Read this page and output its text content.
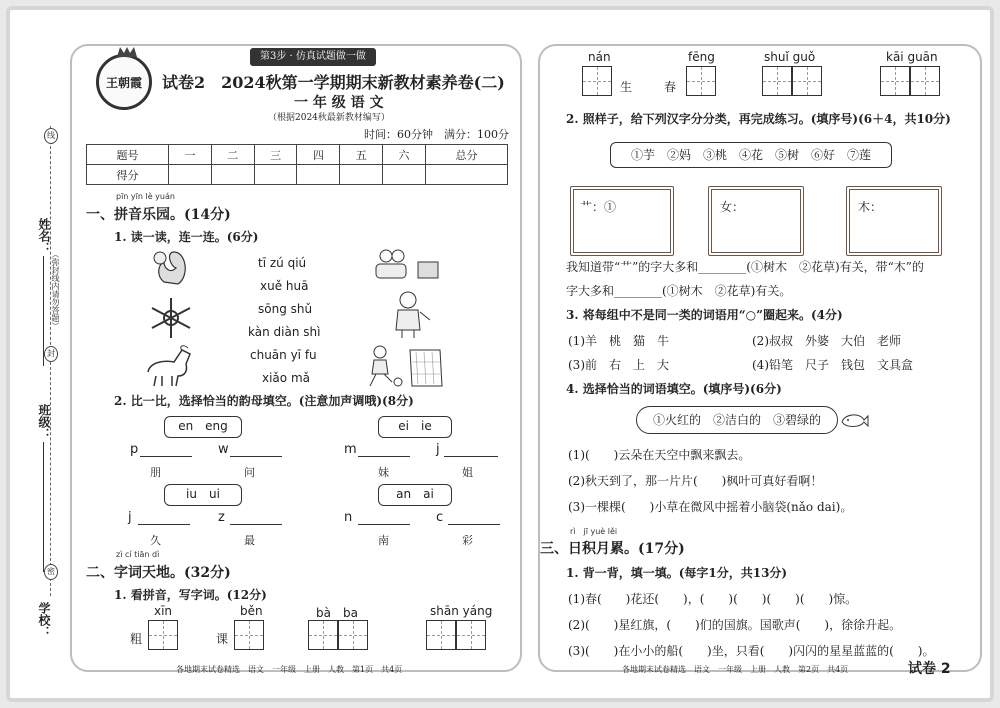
姓名：
班级：
学校：
线
封
密
（弥封线内请勿答题）
王朝霞
第3步 · 仿真试题做一做
试卷2　2024秋第一学期期末新教材素养卷(二)
一 年 级 语 文
（根据2024秋最新教材编写）
时间：60分钟　满分：100分
题号	一	二	三	四	五	六	总分
得分							
pīn yīn lè yuán
一、拼音乐园。(14分)
1. 读一读，连一连。(6分)
tī zú qiú
xuě huā
sōng shǔ
kàn diàn shì
chuān yī fu
xiǎo mǎ
2. 比一比，选择恰当的韵母填空。(注意加声调哦)(8分)
en　eng	ei　ie
p
朋
w
问
m
妹
j
姐
iu　ui	an　ai
j
久
z
最
n
南
c
彩
zì cí tiān dì
二、字词天地。(32分)
1. 看拼音，写字词。(12分)
xīn
粗
běn
课
bà　ba	shān yáng
nán
生
fēng
春
shuǐ guǒ	kāi guān
2. 照样子，给下列汉字分分类，再完成练习。(填序号)(6＋4，共10分)
①芋　②妈　③桃　④花　⑤树　⑥好　⑦莲
艹：①	女：	木：
我知道带“艹”的字大多和________(①树木　②花草)有关，带“木”的
字大多和________(①树木　②花草)有关。
3. 将每组中不是同一类的词语用“○”圈起来。(4分)
(1)羊　桃　猫　牛	(2)叔叔　外婆　大伯　老师
(3)前　右　上　大	(4)铅笔　尺子　钱包　文具盒
4. 选择恰当的词语填空。(填序号)(6分)
①火红的　②洁白的　③碧绿的
(1)(　　)云朵在天空中飘来飘去。
(2)秋天到了，那一片片(　　)枫叶可真好看啊！
(3)一棵棵(　　)小草在微风中摇着小脑袋(nǎo dai)。
rì　jī yuè lěi
三、日积月累。(17分)
1. 背一背，填一填。(每字1分，共13分)
(1)春(　　)花还(　　)，(　　)(　　)(　　)(　　)惊。
(2)(　　)星红旗，(　　)们的国旗。国歌声(　　)，徐徐升起。
(3)(　　)在小小的船(　　)坐，只看(　　)闪闪的星星蓝蓝的(　　)。
各地期末试卷精选　语文　一年级　上册　人教　第1页　共4页	各地期末试卷精选　语文　一年级　上册　人教　第2页　共4页	试卷 2
